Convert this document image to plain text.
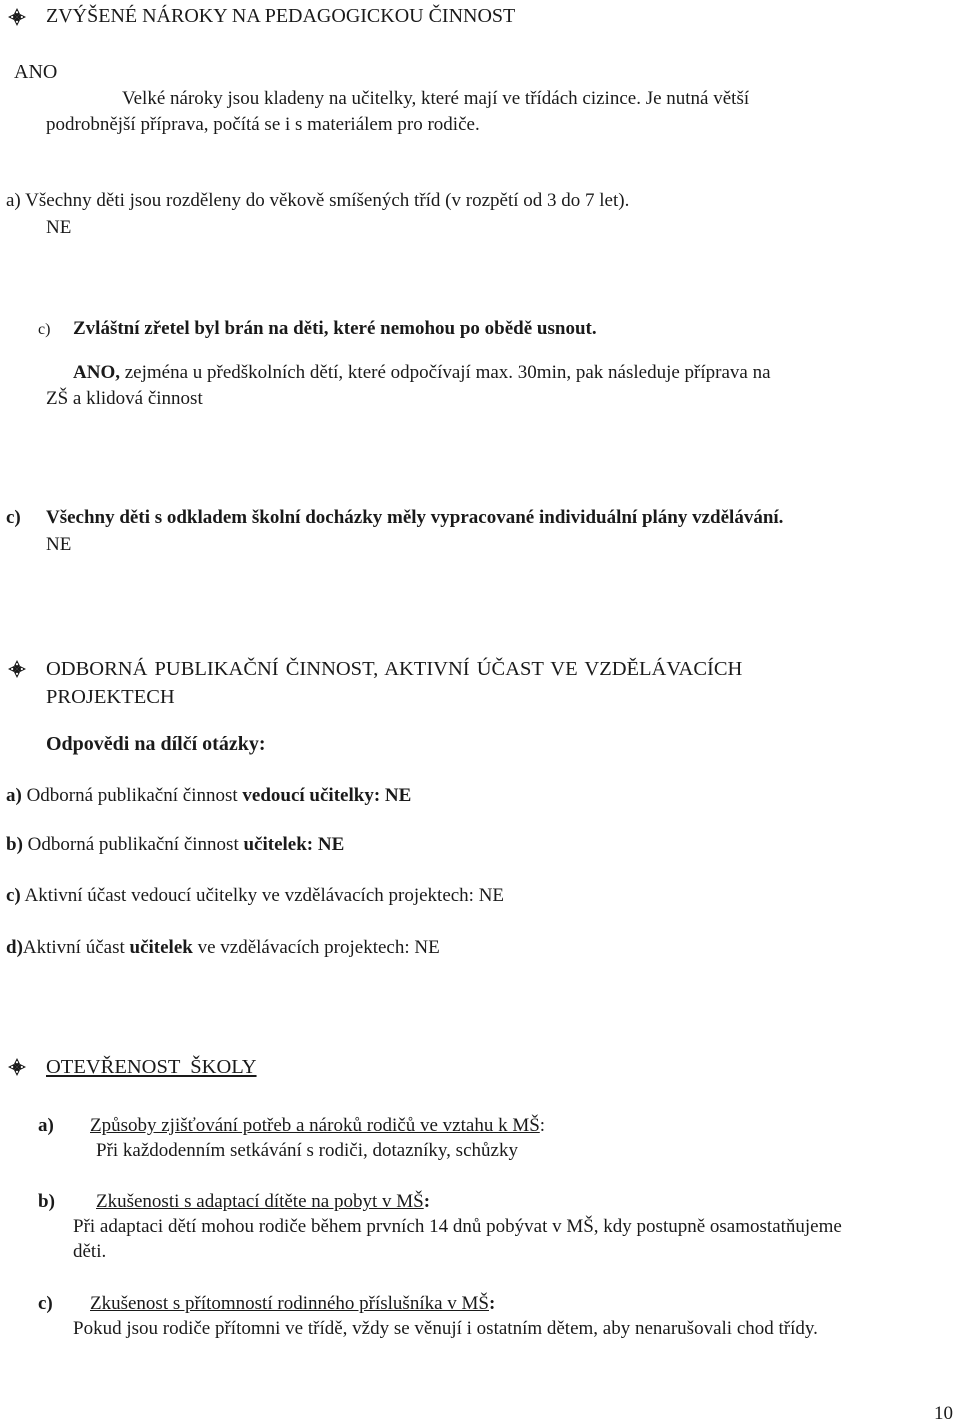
ZVÝŠENÉ NÁROKY NA PEDAGOGICKOU ČINNOST
ANO
Velké nároky jsou kladeny na učitelky, které mají ve třídách cizince. Je nutná větší
podrobnější příprava, počítá se i s materiálem pro rodiče.
a) Všechny děti jsou rozděleny do věkově smíšených tříd (v rozpětí od 3 do 7 let).
NE
c) Zvláštní zřetel byl brán na děti, které nemohou po obědě usnout.
ANO, zejména u předškolních dětí, které odpočívají max. 30min, pak následuje příprava na
ZŠ a klidová činnost
c) Všechny děti s odkladem školní docházky měly vypracované individuální plány vzdělávání.
NE
ODBORNÁ PUBLIKAČNÍ ČINNOST, AKTIVNÍ ÚČAST VE VZDĚLÁVACÍCH
PROJEKTECH
Odpovědi na dílčí otázky:
a) Odborná publikační činnost vedoucí učitelky: NE
b) Odborná publikační činnost učitelek: NE
c) Aktivní účast vedoucí učitelky ve vzdělávacích projektech: NE
d)Aktivní účast učitelek ve vzdělávacích projektech: NE
OTEVŘENOST  ŠKOLY
a) Způsoby zjišťování potřeb a nároků rodičů ve vztahu k MŠ:
Při každodenním setkávání s rodiči, dotazníky, schůzky
b) Zkušenosti s adaptací dítěte na pobyt v MŠ:
Při adaptaci dětí mohou rodiče během prvních 14 dnů pobývat v MŠ, kdy postupně osamostatňujeme
děti.
c) Zkušenost s přítomností rodinného příslušníka v MŠ:
Pokud jsou rodiče přítomni ve třídě, vždy se věnují i ostatním dětem, aby nenarušovali chod třídy.
10
